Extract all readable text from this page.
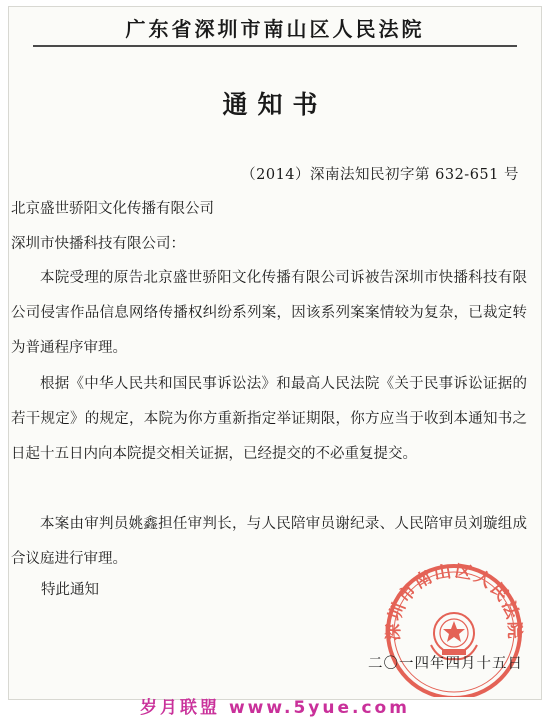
广东省深圳市南山区人民法院
通知书
（2014）深南法知民初字第 632-651 号
北京盛世骄阳文化传播有限公司
深圳市快播科技有限公司：

本院受理的原告北京盛世骄阳文化传播有限公司诉被告深圳市快播科技有限公司侵害作品信息网络传播权纠纷系列案，因该系列案案情较为复杂，已裁定转为普通程序审理。

根据《中华人民共和国民事诉讼法》和最高人民法院《关于民事诉讼证据的若干规定》的规定，本院为你方重新指定举证期限，你方应当于收到本通知书之日起十五日内向本院提交相关证据，已经提交的不必重复提交。

本案由审判员姚鑫担任审判长，与人民陪审员谢纪录、人民陪审员刘璇组成合议庭进行审理。

特此通知
深圳市南山区人民法院
二〇一四年四月十五日
岁月联盟 www.5yue.com
